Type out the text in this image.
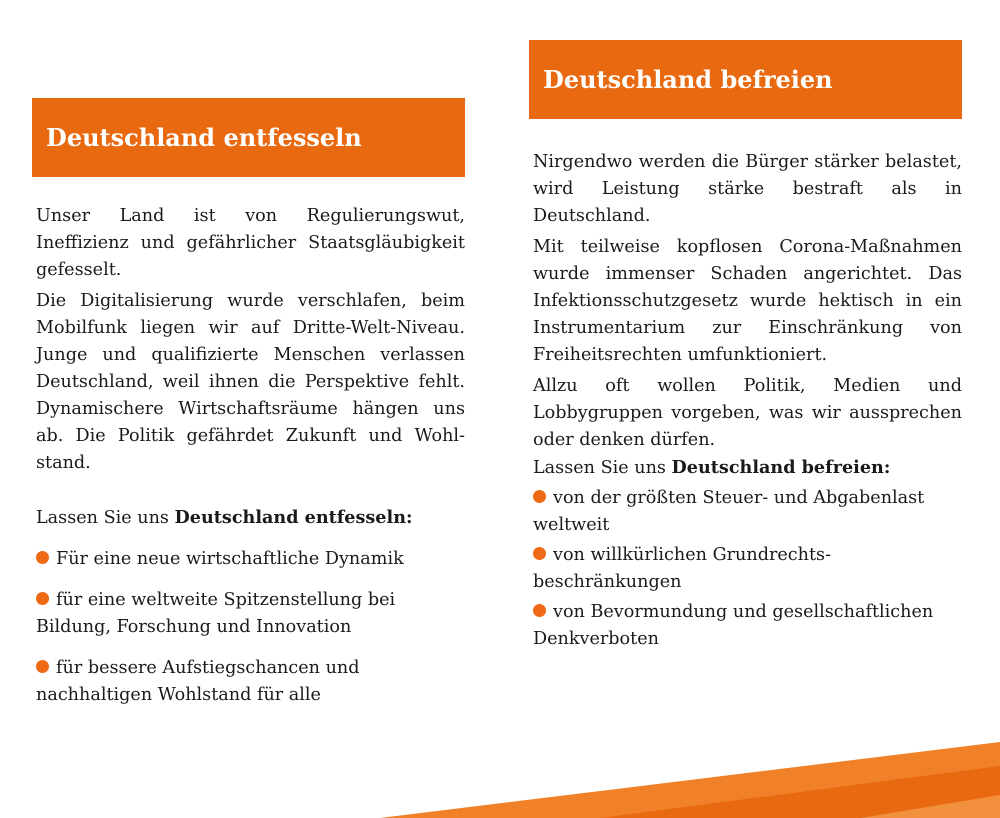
Deutschland entfesseln

Unser Land ist von Regulierungswut, Ineffizienz und gefährlicher Staatsgläubigkeit gefesselt.

Die Digitalisierung wurde verschlafen, beim Mobilfunk liegen wir auf Dritte-Welt-Niveau. Junge und qualifizierte Menschen verlassen Deutschland, weil ihnen die Perspektive fehlt. Dynamischere Wirtschaftsräume hängen uns ab. Die Politik gefährdet Zukunft und Wohl-stand.

Lassen Sie uns Deutschland entfesseln:

Für eine neue wirtschaftliche Dynamik
für eine weltweite Spitzenstellung bei Bildung, Forschung und Innovation
für bessere Aufstiegschancen und nachhaltigen Wohlstand für alle
Deutschland befreien

Nirgendwo werden die Bürger stärker belastet, wird Leistung stärke bestraft als in Deutschland.

Mit teilweise kopflosen Corona-Maßnahmen wurde immenser Schaden angerichtet. Das Infektionsschutzgesetz wurde hektisch in ein Instrumentarium zur Einschränkung von Freiheitsrechten umfunktioniert.

Allzu oft wollen Politik, Medien und Lobbygruppen vorgeben, was wir aussprechen oder denken dürfen.

Lassen Sie uns Deutschland befreien:

von der größten Steuer- und Abgabenlast weltweit
von willkürlichen Grundrechtsbeschränkungen
von Bevormundung und gesellschaftlichen Denkverboten
